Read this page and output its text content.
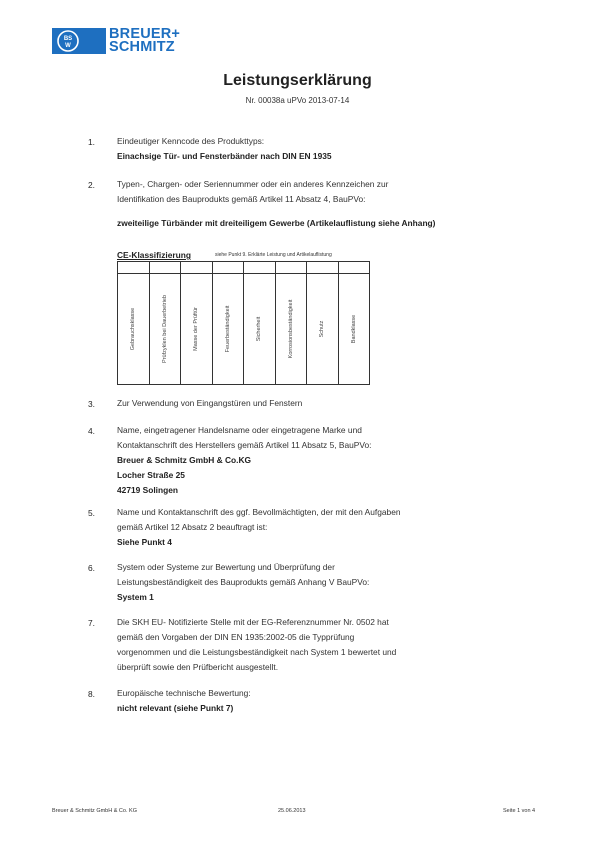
BS
W
BREUER+
SCHMITZ
Leistungserklärung
Nr. 00038a uPVo 2013-07-14
1.	Eindeutiger Kenncode des Produkttyps:
Einachsige Tür- und Fensterbänder nach DIN EN 1935
2.	Typen-, Chargen- oder Seriennummer oder ein anderes Kennzeichen zur
Identifikation des Bauprodukts gemäß Artikel 11 Absatz 4, BauPVo:
zweiteilige Türbänder mit dreiteiligem Gewerbe (Artikelauflistung siehe Anhang)
CE-Klassifizierung	siehe Punkt 9. Erklärte Leistung und Artikelauflistung

Gebrauchsklasse	Prüfzyklen bei Dauerbetrieb	Masse der Prüftür	Feuerbeständigkeit	Sicherheit	Korrosionsbeständigkeit	Schutz	Bandklasse
3.	Zur Verwendung von Eingangstüren und Fenstern
4.	Name, eingetragener Handelsname oder eingetragene Marke und
Kontaktanschrift des Herstellers gemäß Artikel 11 Absatz 5, BauPVo:
Breuer & Schmitz GmbH & Co.KG
Locher Straße 25
42719 Solingen
5.	Name und Kontaktanschrift des ggf. Bevollmächtigten, der mit den Aufgaben
gemäß Artikel 12 Absatz 2 beauftragt ist:
Siehe Punkt 4
6.	System oder Systeme zur Bewertung und Überprüfung der
Leistungsbeständigkeit des Bauprodukts gemäß Anhang V BauPVo:
System 1
7.	Die SKH EU- Notifizierte Stelle mit der EG-Referenznummer Nr. 0502 hat
gemäß den Vorgaben der DIN EN 1935:2002-05 die Typprüfung
vorgenommen und die Leistungsbeständigkeit nach System 1 bewertet und
überprüft sowie den Prüfbericht ausgestellt.
8.	Europäische technische Bewertung:
nicht relevant (siehe Punkt 7)
Breuer & Schmitz GmbH & Co. KG	25.06.2013	Seite 1 von 4
